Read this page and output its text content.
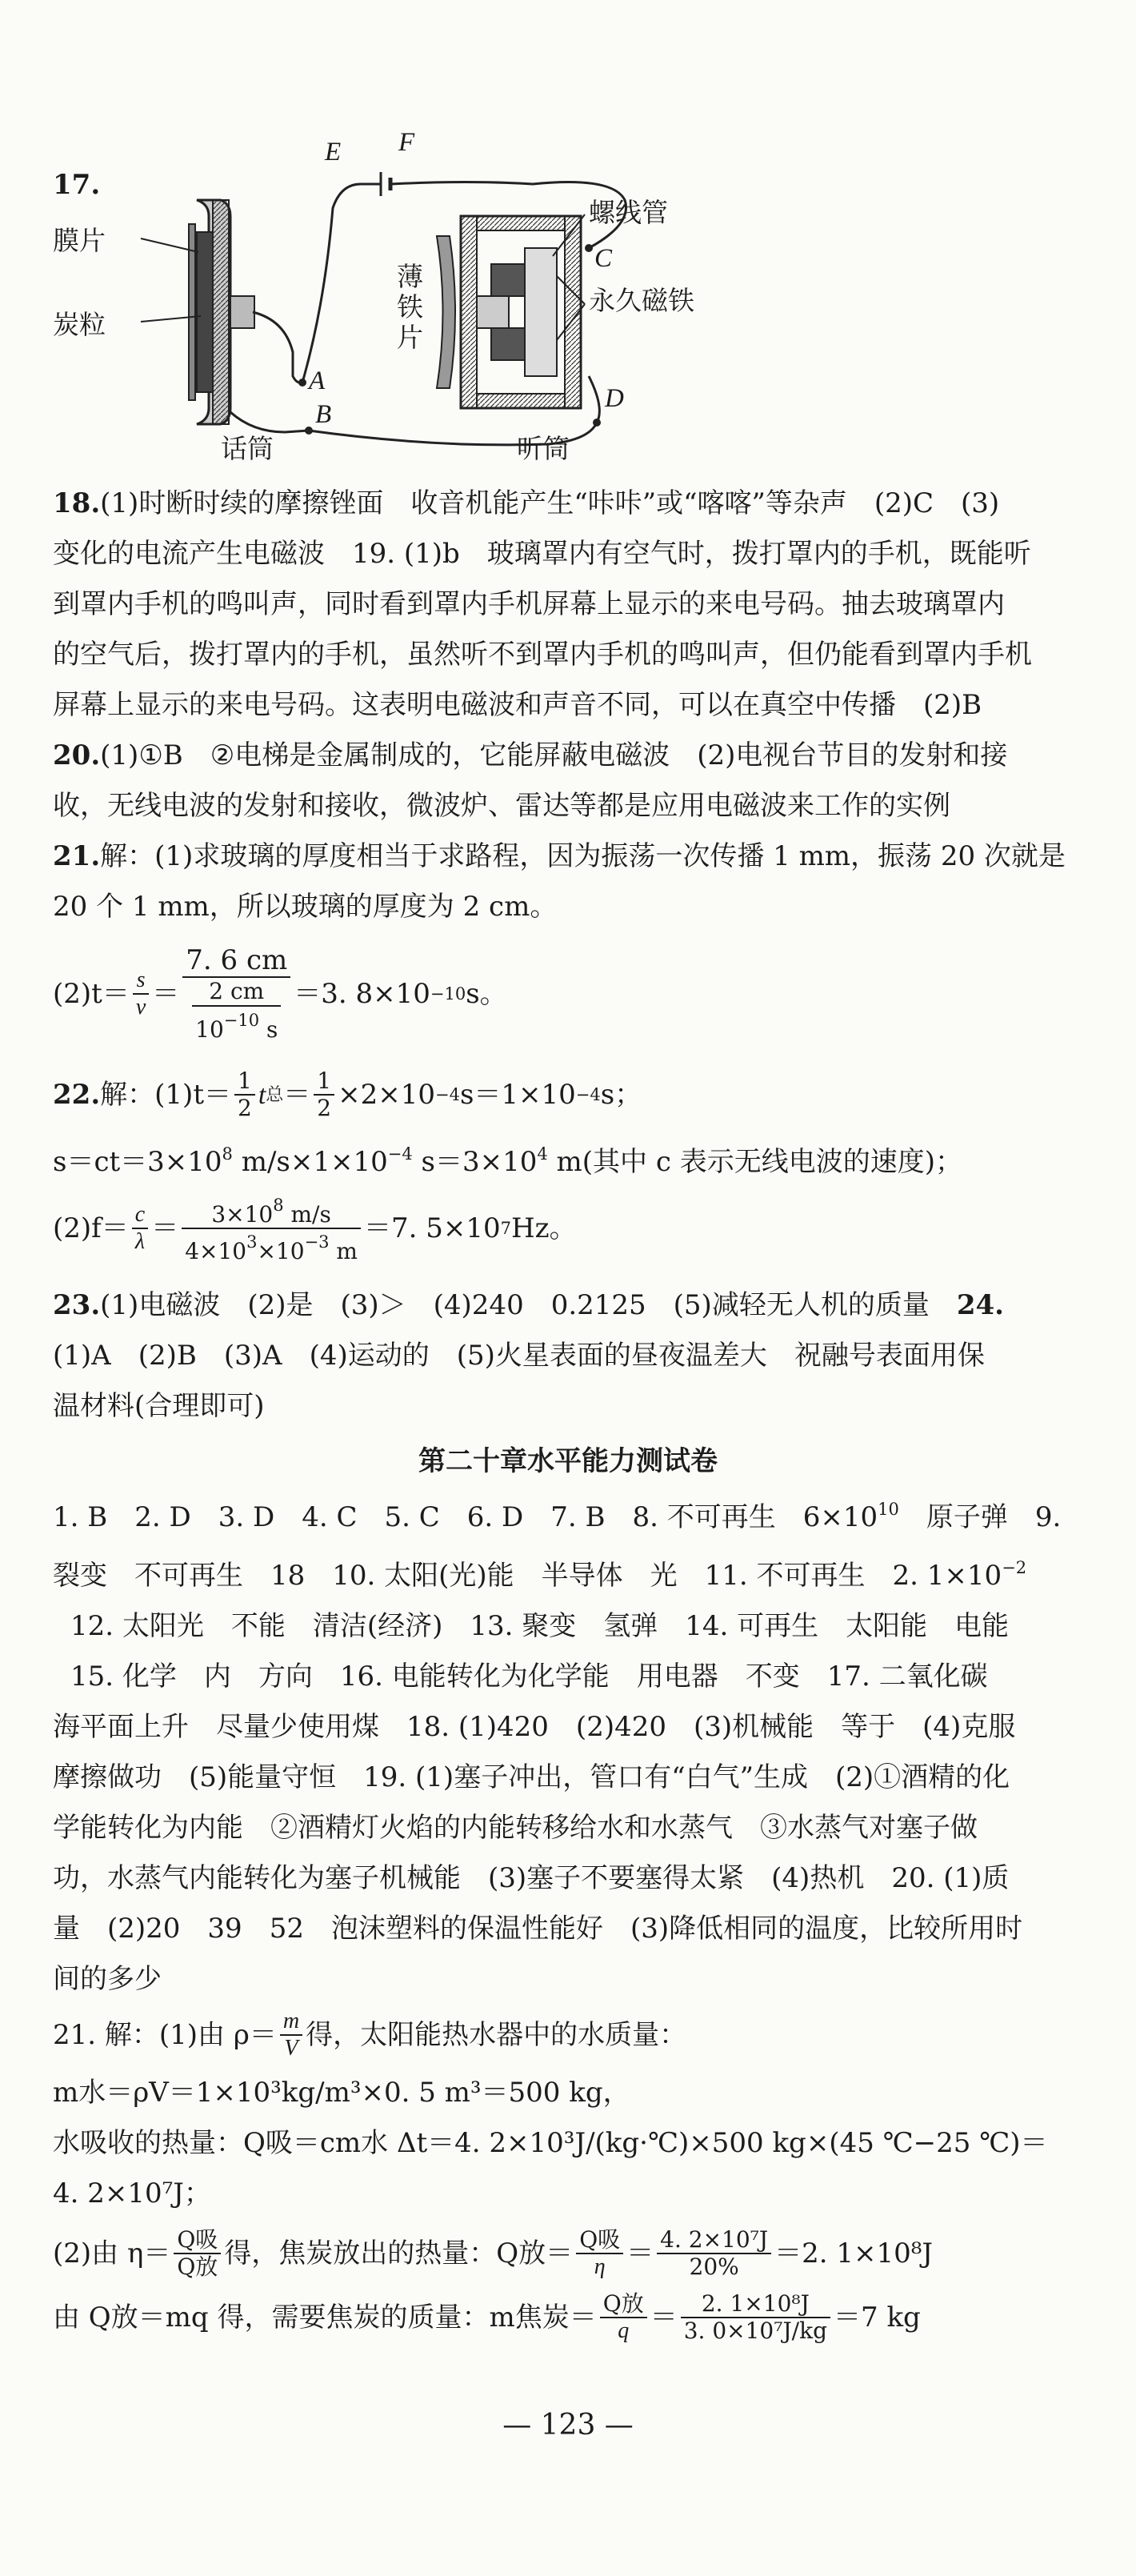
17.
膜片
炭粒
话筒
E F
A
B
C
D
薄
铁
片
螺线管
永久磁铁
听筒
18.(1)时断时续的摩擦锉面　收音机能产生“咔咔”或“喀喀”等杂声　(2)C　(3)
变化的电流产生电磁波　19. (1)b　玻璃罩内有空气时，拨打罩内的手机，既能听
到罩内手机的鸣叫声，同时看到罩内手机屏幕上显示的来电号码。抽去玻璃罩内
的空气后，拨打罩内的手机，虽然听不到罩内手机的鸣叫声，但仍能看到罩内手机
屏幕上显示的来电号码。这表明电磁波和声音不同，可以在真空中传播　(2)B
20.(1)①B　②电梯是金属制成的，它能屏蔽电磁波　(2)电视台节目的发射和接
收，无线电波的发射和接收，微波炉、雷达等都是应用电磁波来工作的实例
21.解：(1)求玻璃的厚度相当于求路程，因为振荡一次传播 1 mm，振荡 20 次就是
20 个 1 mm，所以玻璃的厚度为 2 cm。
$(2)t= \frac{s}{v} = \frac{7. 6 cm}{\frac{2 cm}{10^{-10} s}} =3$. 8×10 −10 s。
22. 解：$(1)t= \frac{1}{2}$ t 总 ＝ $\frac{1}{2} \times 2\times 10 -4$ s＝1×10 −4 s；
$s=ct=3\times 10^8$ $m/s\times 1\times 10^{-4}$ $s=3\times 10^4$ m(其中 c 表示无线电波的速度)；
$(2)f= \frac{c}{\lambda} = \frac{3\times 10^8 m/s}{4\times 10^3\times 10^{-3} m} =7$. 5×10 7 Hz。
23.(1)电磁波　(2)是　(3)＞　(4)240　0.2125　(5)减轻无人机的质量　 24.
(1)A　(2)B　(3)A　(4)运动的　(5)火星表面的昼夜温差大　祝融号表面用保
温材料(合理即可)
第二十章水平能力测试卷
1. B　2. D　3. D　4. C　5. C　6. D　7. B　8. 不可再生　$6\times 10^{10}$　原子弹　9.
裂变　不可再生　18　10. 太阳(光)能　半导体　光　11. 不可再生　2. $1\times 10^{-2}$
12. 太阳光　不能　清洁(经济)　13. 聚变　氢弹　14. 可再生　太阳能　电能
15. 化学　内　方向　16. 电能转化为化学能　用电器　不变　17. 二氧化碳
海平面上升　尽量少使用煤　18. (1)420　(2)420　(3)机械能　等于　(4)克服
摩擦做功　(5)能量守恒　19. (1)塞子冲出，管口有“白气”生成　(2)①酒精的化
学能转化为内能　②酒精灯火焰的内能转移给水和水蒸气　③水蒸气对塞子做
功，水蒸气内能转化为塞子机械能　(3)塞子不要塞得太紧　(4)热机　20. (1)质
量　(2)20　39　52　泡沫塑料的保温性能好　(3)降低相同的温度，比较所用时
间的多少
21. 解：(1)由 $\rho= \frac{m}{V}$ 得，太阳能热水器中的水质量：
m水＝ρV＝1×10³kg/m³×0. 5 m³＝500 kg，
水吸收的热量：Q吸＝cm水 Δt＝4. 2×10³J/(kg·℃)×500 kg×(45 ℃−25 ℃)＝
4. 2×10⁷J；
(2)由 $\eta= \frac{\text{Q吸}}{\text{Q放}}$ 得，焦炭放出的热量：Q放＝ $\frac{\text{Q吸}}{\eta} = \frac{\text{4. 2×10⁷J}}{20\%} =2$. 1×10⁸J
由 Q放＝mq 得，需要焦炭的质量：m焦炭＝ $\frac{\text{Q放}}{q} = \frac{\text{2. 1×10⁸J}}{\text{3. 0×10⁷J/kg}} =7$ kg
— 123 —
